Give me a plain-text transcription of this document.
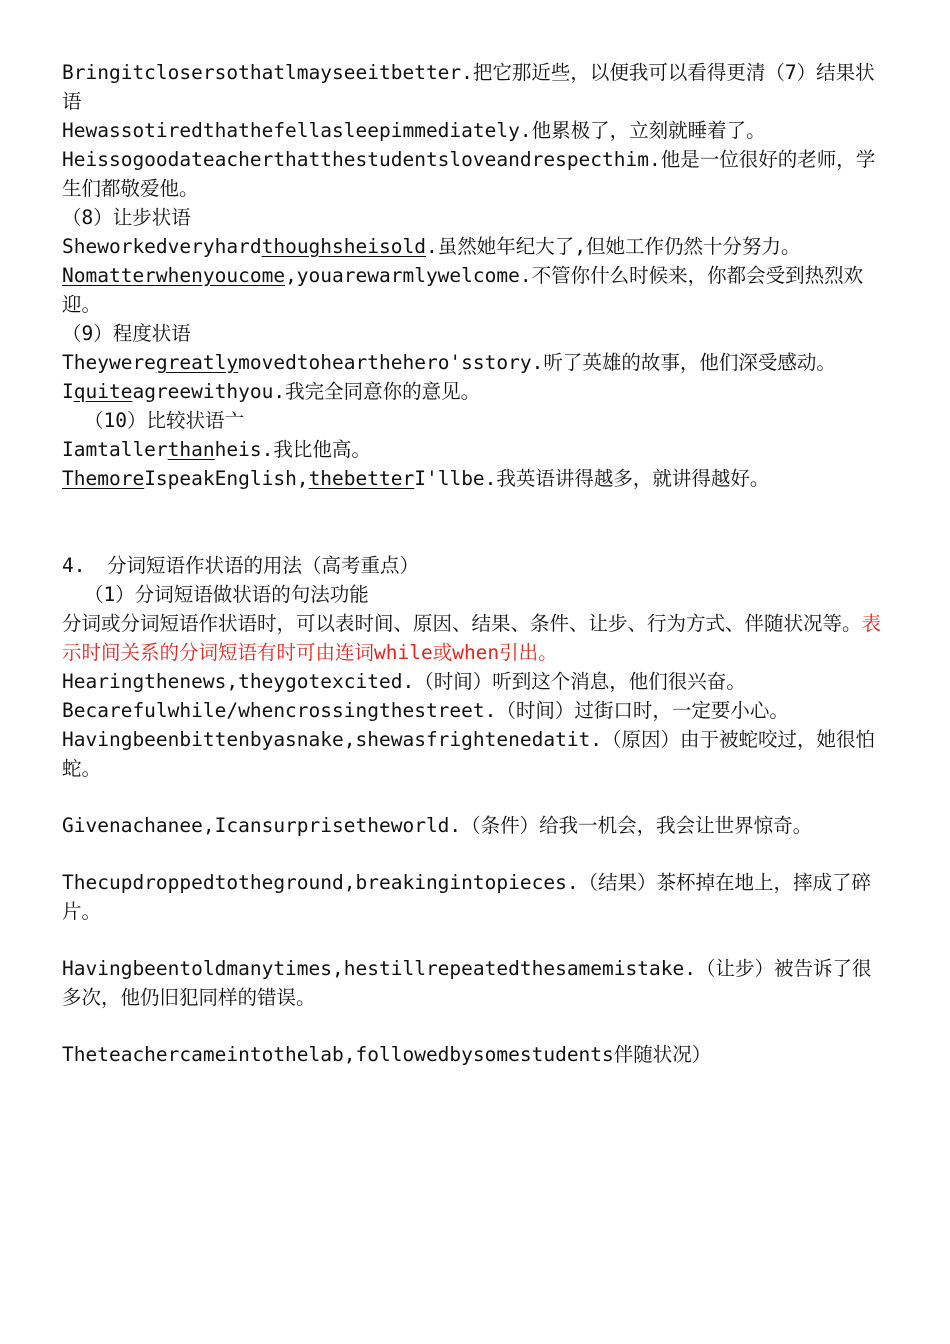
Bringitclosersothatlmayseeitbetter.把它那近些，以便我可以看得更清（7）结果状语
Hewassotiredthathefellasleepimmediately.他累极了，立刻就睡着了。
Heissogoodateacherthatthestudentsloveandrespecthim.他是一位很好的老师，学生们都敬爱他。
（8）让步状语
Sheworkedveryhardthoughsheisold.虽然她年纪大了,但她工作仍然十分努力。
Nomatterwhenyoucome,youarewarmlywelcome.不管你什么时候来，你都会受到热烈欢迎。
（9）程度状语
Theyweregreatlymovedtohearthehero'sstory.听了英雄的故事，他们深受感动。
Iquiteagreewithyou.我完全同意你的意见。
（10）比较状语亠
Iamtallerthanheis.我比他高。
ThemoreIspeakEnglish,thebetterI'llbe.我英语讲得越多，就讲得越好。
4. 分词短语作状语的用法（高考重点）
（1）分词短语做状语的句法功能
分词或分词短语作状语时，可以表时间、原因、结果、条件、让步、行为方式、伴随状况等。表示时间关系的分词短语有时可由连词while或when引出。
Hearingthenews,theygotexcited.（时间）听到这个消息，他们很兴奋。
Becarefulwhile/whencrossingthestreet.（时间）过街口时，一定要小心。
Havingbeenbittenbyasnake,shewasfrightenedatit.（原因）由于被蛇咬过，她很怕蛇。
Givenachanee,Icansurprisetheworld.（条件）给我一机会，我会让世界惊奇。
Thecupdroppedtotheground,breakingintopieces.（结果）茶杯掉在地上，摔成了碎片。
Havingbeentoldmanytimes,hestillrepeatedthesamemistake.（让步）被告诉了很多次，他仍旧犯同样的错误。
Theteachercameintothelab,followedbysomestudents伴随状况）
